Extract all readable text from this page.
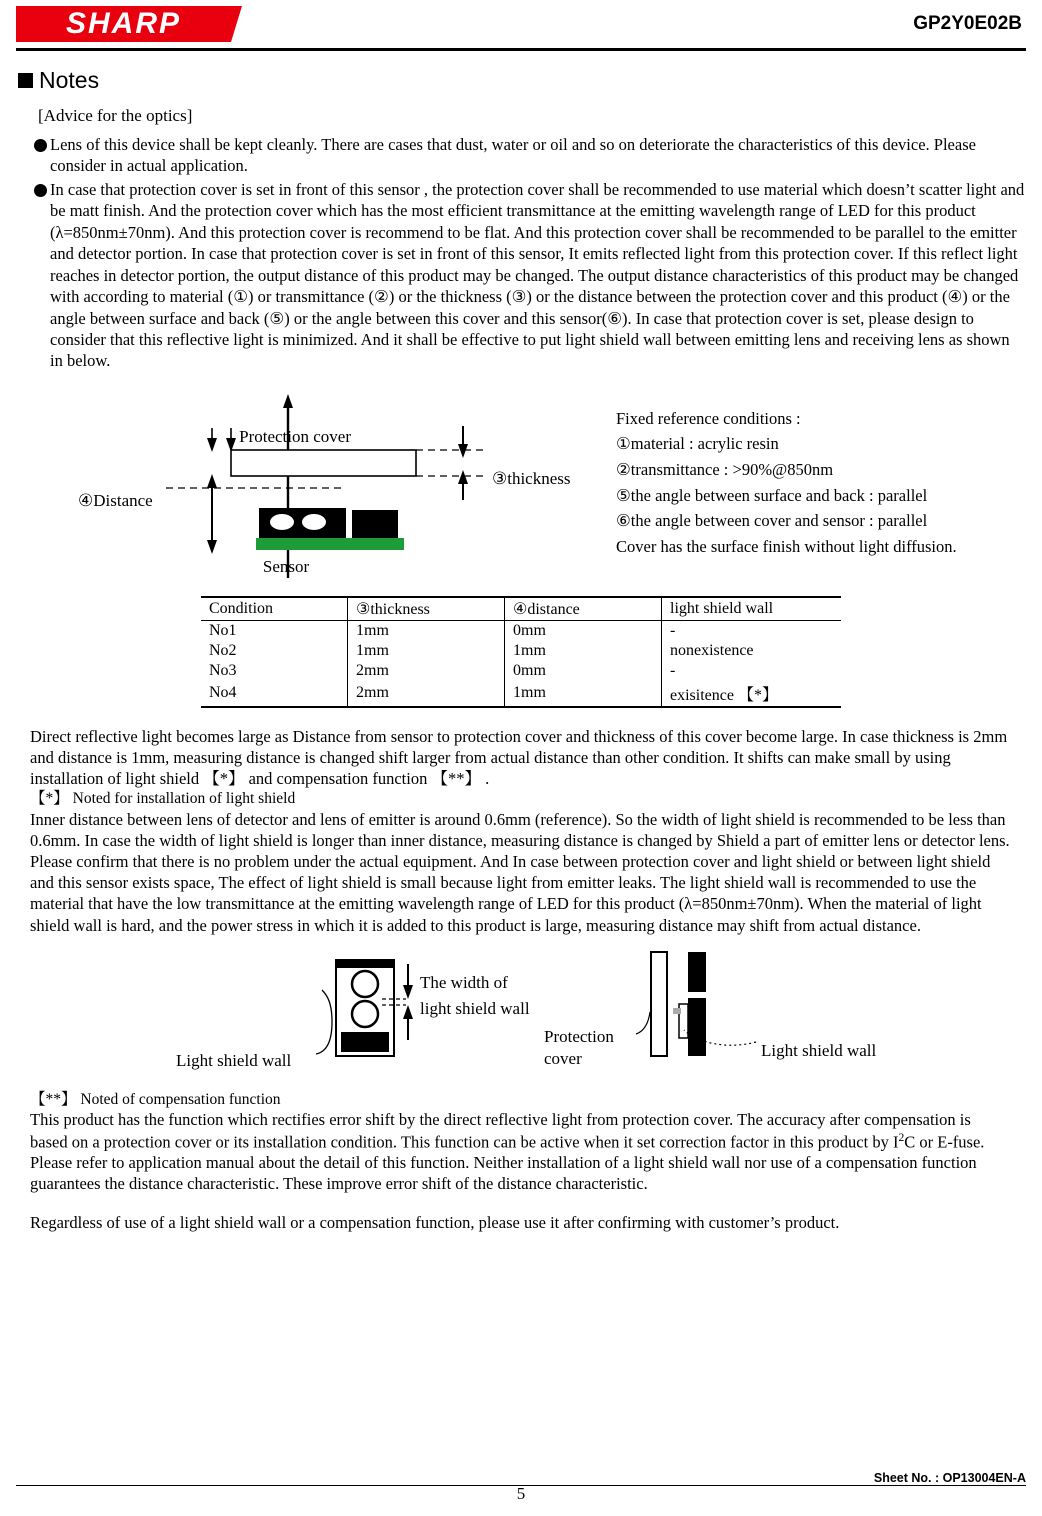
SHARP	GP2Y0E02B
Notes
[Advice for the optics]
Lens of this device shall be kept cleanly. There are cases that dust, water or oil and so on deteriorate the characteristics of this device. Please consider in actual application.
In case that protection cover is set in front of this sensor , the protection cover shall be recommended to use material which doesn’t scatter light and be matt finish. And the protection cover which has the most efficient transmittance at the emitting wavelength range of LED for this product (λ=850nm±70nm). And this protection cover is recommend to be flat. And this protection cover shall be recommended to be parallel to the emitter and detector portion. In case that protection cover is set in front of this sensor, It emits reflected light from this protection cover. If this reflect light reaches in detector portion, the output distance of this product may be changed. The output distance characteristics of this product may be changed with according to material (①) or transmittance (②) or the thickness (③) or the distance between the protection cover and this product (④) or the angle between surface and back (⑤) or the angle between this cover and this sensor(⑥). In case that protection cover is set, please design to consider that this reflective light is minimized. And it shall be effective to put light shield wall between emitting lens and receiving lens as shown in below.
Protection cover
③thickness
④Distance
Sensor
Fixed reference conditions :
①material : acrylic resin
②transmittance : >90%@850nm
⑤the angle between surface and back : parallel
⑥the angle between cover and sensor : parallel
Cover has the surface finish without light diffusion.
Condition	③thickness	④distance	light shield wall
No1	1mm	0mm	-
No2	1mm	1mm	nonexistence
No3	2mm	0mm	-
No4	2mm	1mm	exisitence 【*】

Direct reflective light becomes large as Distance from sensor to protection cover and thickness of this cover become large. In case thickness is 2mm and distance is 1mm, measuring distance is changed shift larger from actual distance than other condition. It shifts can make small by using installation of light shield 【*】 and compensation function 【**】 .

【*】 Noted for installation of light shield

Inner distance between lens of detector and lens of emitter is around 0.6mm (reference). So the width of light shield is recommended to be less than 0.6mm. In case the width of light shield is longer than inner distance, measuring distance is changed by Shield a part of emitter lens or detector lens. Please confirm that there is no problem under the actual equipment. And In case between protection cover and light shield or between light shield and this sensor exists space, The effect of light shield is small because light from emitter leaks. The light shield wall is recommended to use the material that have the low transmittance at the emitting wavelength range of LED for this product (λ=850nm±70nm). When the material of light shield wall is hard, and the power stress in which it is added to this product is large, measuring distance may shift from actual distance.

The width of
light shield wall
Light shield wall
Protection
cover	Light shield wall

【**】 Noted of compensation function

This product has the function which rectifies error shift by the direct reflective light from protection cover. The accuracy after compensation is based on a protection cover or its installation condition. This function can be active when it set correction factor in this product by $I^2C$ or E-fuse. Please refer to application manual about the detail of this function. Neither installation of a light shield wall nor use of a compensation function guarantees the distance characteristic. These improve error shift of the distance characteristic.

Regardless of use of a light shield wall or a compensation function, please use it after confirming with customer’s product.

Sheet No. : OP13004EN-A
5
